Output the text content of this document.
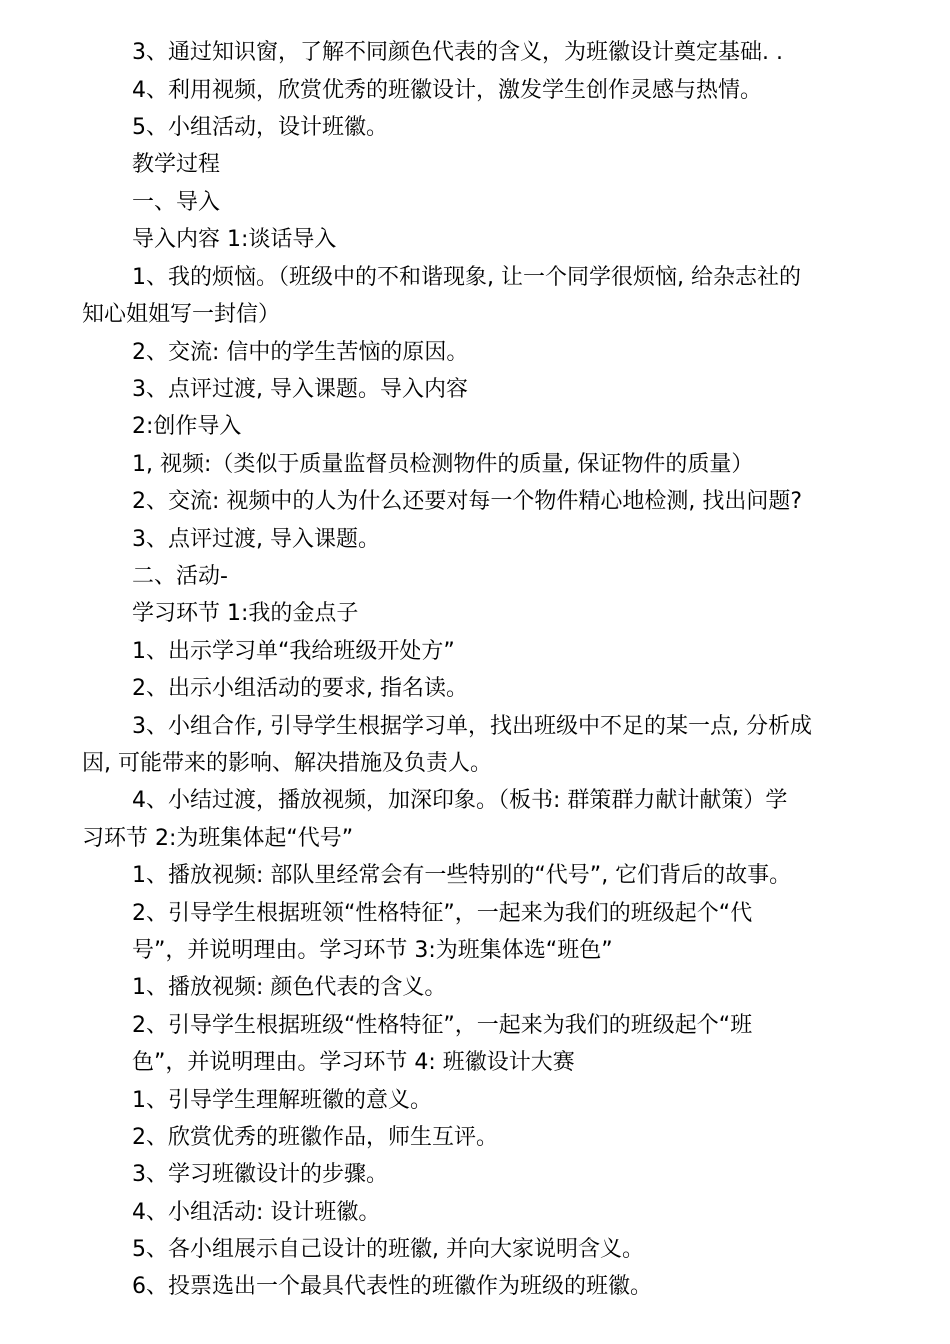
3、通过知识窗，了解不同颜色代表的含义，为班徽设计奠定基础. .
4、利用视频，欣赏优秀的班徽设计，激发学生创作灵感与热情。
5、小组活动，设计班徽。
教学过程
一、导入
导入内容 1:谈话导入
1、我的烦恼。（班级中的不和谐现象, 让一个同学很烦恼, 给杂志社的
知心姐姐写一封信）
2、交流: 信中的学生苦恼的原因。
3、点评过渡, 导入课题。导入内容
2:创作导入
1, 视频:（类似于质量监督员检测物件的质量, 保证物件的质量）
2、交流: 视频中的人为什么还要对每一个物件精心地检测, 找出问题?
3、点评过渡, 导入课题。
二、活动-
学习环节 1:我的金点子
1、出示学习单“我给班级开处方”
2、出示小组活动的要求, 指名读。
3、小组合作, 引导学生根据学习单，找出班级中不足的某一点, 分析成
因, 可能带来的影响、解决措施及负责人。
4、小结过渡，播放视频，加深印象。（板书: 群策群力献计献策）学
习环节 2:为班集体起“代号”
1、播放视频: 部队里经常会有一些特别的“代号”, 它们背后的故事。
2、引导学生根据班领“性格特征”，一起来为我们的班级起个“代
号”，并说明理由。学习环节 3:为班集体选“班色”
1、播放视频: 颜色代表的含义。
2、引导学生根据班级“性格特征”，一起来为我们的班级起个“班
色”，并说明理由。学习环节 4: 班徽设计大赛
1、引导学生理解班徽的意义。
2、欣赏优秀的班徽作品，师生互评。
3、学习班徽设计的步骤。
4、小组活动: 设计班徽。
5、各小组展示自己设计的班徽, 并向大家说明含义。
6、投票选出一个最具代表性的班徽作为班级的班徽。
